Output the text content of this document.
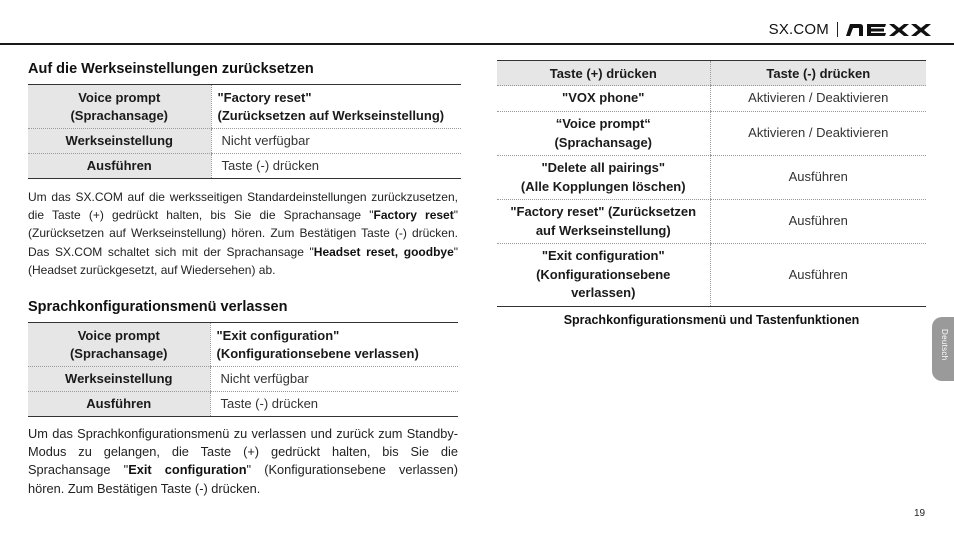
SX.COM
Auf die Werkseinstellungen zurücksetzen
Voice prompt
(Sprachansage)	"Factory reset"
(Zurücksetzen auf Werkseinstellung)
Werkseinstellung	Nicht verfügbar
Ausführen	Taste (-) drücken

Um das SX.COM auf die werksseitigen Standardeinstellungen zurückzusetzen, die Taste (+) gedrückt halten, bis Sie die Sprachansage "Factory reset" (Zurücksetzen auf Werkseinstellung) hören. Zum Bestätigen Taste (-) drücken. Das SX.COM schaltet sich mit der Sprachansage "Headset reset, goodbye" (Headset zurückgesetzt, auf Wiedersehen) ab.

Sprachkonfigurationsmenü verlassen
Voice prompt
(Sprachansage)	"Exit configuration"
(Konfigurationsebene verlassen)
Werkseinstellung	Nicht verfügbar
Ausführen	Taste (-) drücken

Um das Sprachkonfigurationsmenü zu verlassen und zurück zum Standby-Modus zu gelangen, die Taste (+) gedrückt halten, bis Sie die Sprachansage "Exit configuration" (Konfigurationsebene verlassen) hören. Zum Bestätigen Taste (-) drücken.

Taste (+) drücken	Taste (-) drücken
"VOX phone"	Aktivieren / Deaktivieren
“Voice prompt“
(Sprachansage)	Aktivieren / Deaktivieren
"Delete all pairings"
(Alle Kopplungen löschen)	Ausführen
"Factory reset" (Zurücksetzen
auf Werkseinstellung)	Ausführen
"Exit configuration"
(Konfigurationsebene
verlassen)	Ausführen
Sprachkonfigurationsmenü und Tastenfunktionen
Deutsch
19
